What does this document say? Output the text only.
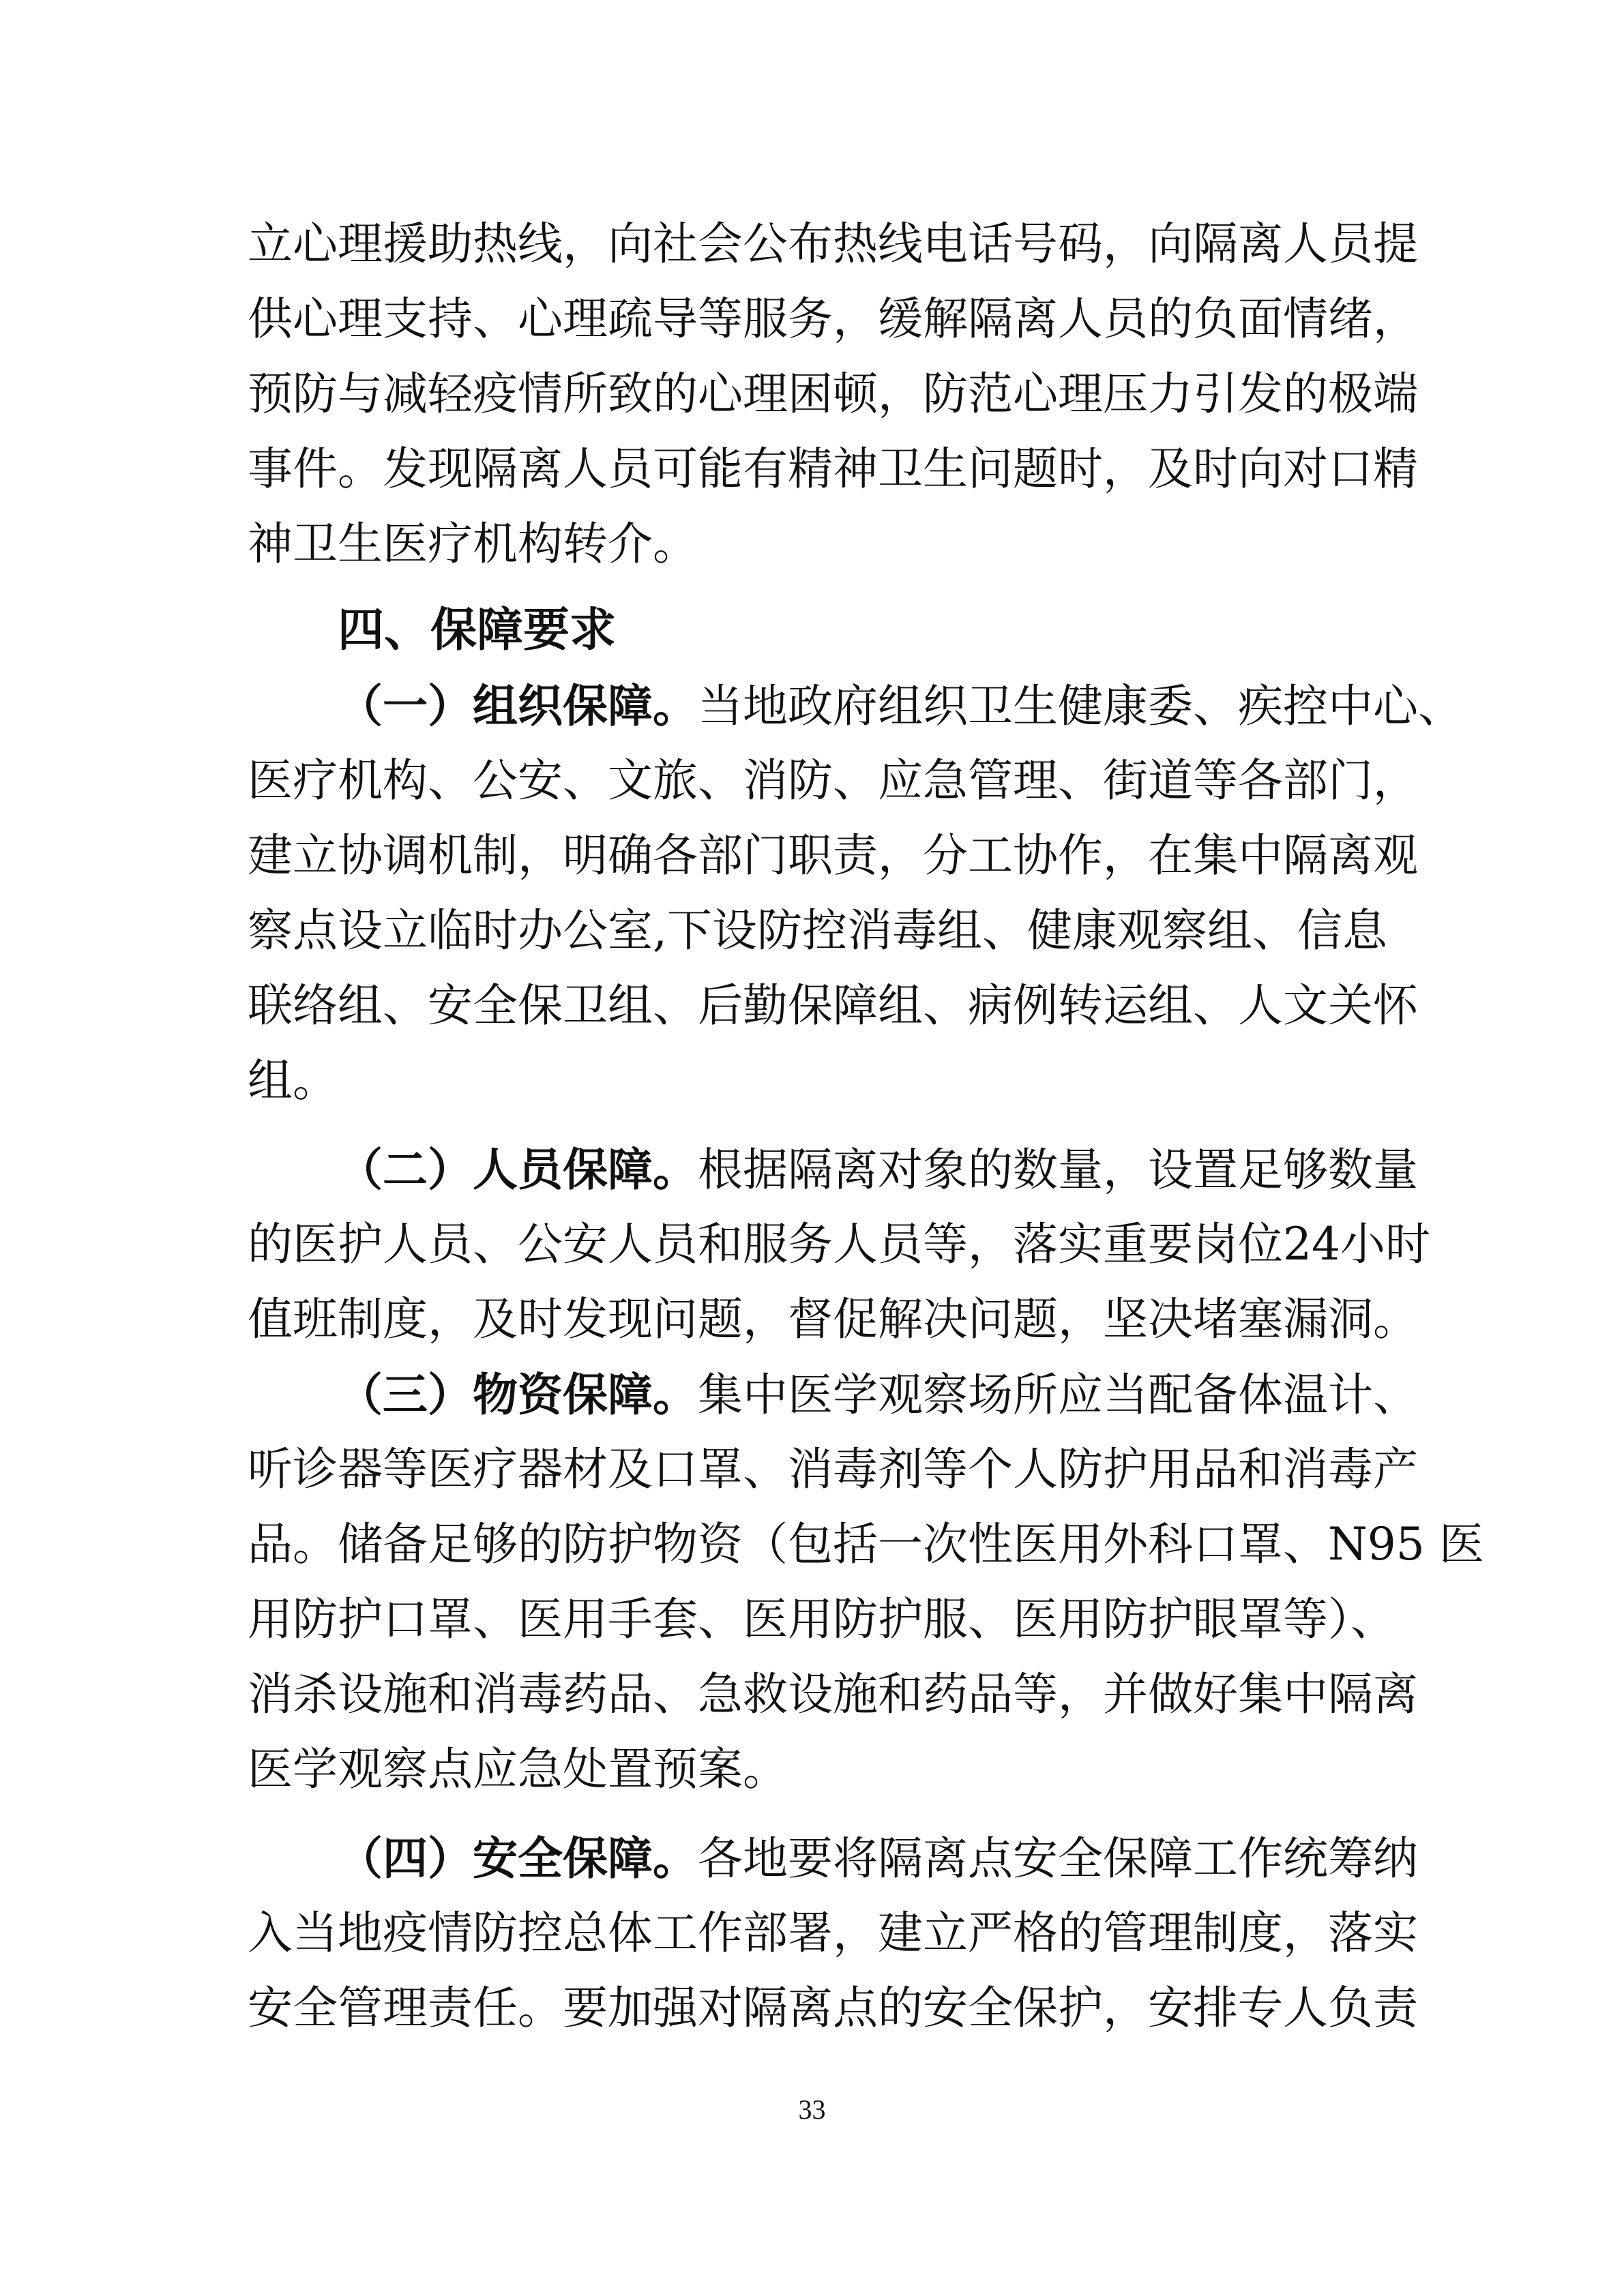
立心理援助热线，向社会公布热线电话号码，向隔离人员提
供心理支持、心理疏导等服务，缓解隔离人员的负面情绪，
预防与减轻疫情所致的心理困顿，防范心理压力引发的极端
事件。发现隔离人员可能有精神卫生问题时，及时向对口精
神卫生医疗机构转介。
四、保障要求
（一）组织保障。当地政府组织卫生健康委、疾控中心、
医疗机构、公安、文旅、消防、应急管理、街道等各部门，
建立协调机制，明确各部门职责，分工协作，在集中隔离观
察点设立临时办公室,下设防控消毒组、健康观察组、信息
联络组、安全保卫组、后勤保障组、病例转运组、人文关怀
组。
（二）人员保障。根据隔离对象的数量，设置足够数量
的医护人员、公安人员和服务人员等，落实重要岗位24小时
值班制度，及时发现问题，督促解决问题，坚决堵塞漏洞。
（三）物资保障。集中医学观察场所应当配备体温计、
听诊器等医疗器材及口罩、消毒剂等个人防护用品和消毒产
品。储备足够的防护物资（包括一次性医用外科口罩、N95 医
用防护口罩、医用手套、医用防护服、医用防护眼罩等）、
消杀设施和消毒药品、急救设施和药品等，并做好集中隔离
医学观察点应急处置预案。
（四）安全保障。各地要将隔离点安全保障工作统筹纳
入当地疫情防控总体工作部署，建立严格的管理制度，落实
安全管理责任。要加强对隔离点的安全保护，安排专人负责
33
